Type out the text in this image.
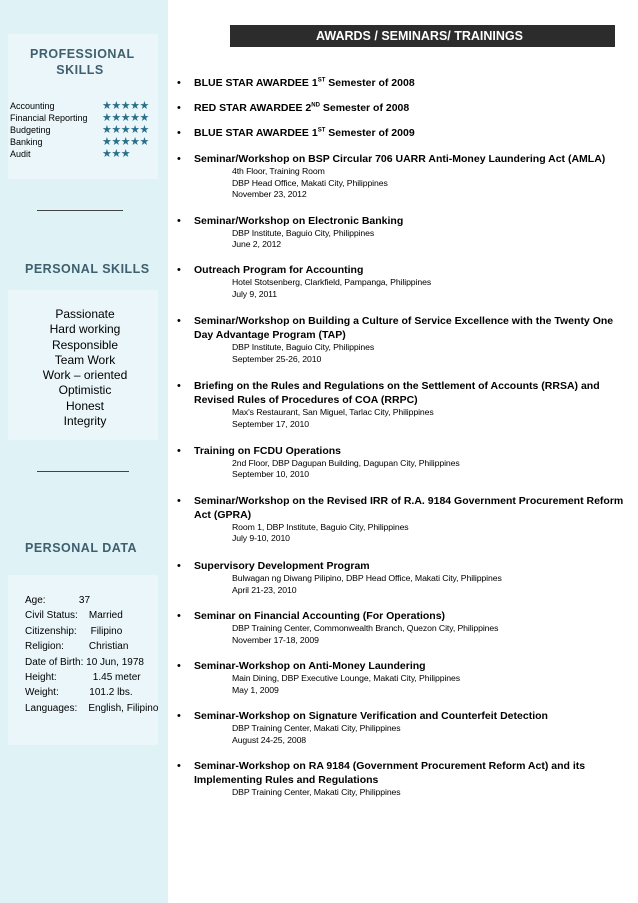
PROFESSIONAL
SKILLS
Accounting	★★★★★
Financial Reporting ★★★★★
Budgeting	★★★★★
Banking	★★★★★
Audit	★★★
PERSONAL SKILLS
Passionate
Hard working
Responsible
Team Work
Work – oriented
Optimistic
Honest
Integrity
PERSONAL DATA
Age:            37
Civil Status:    Married
Citizenship:     Filipino
Religion:         Christian
Date of Birth: 10 Jun, 1978
Height:             1.45 meter
Weight:           101.2 lbs.
Languages:    English, Filipino
AWARDS / SEMINARS/ TRAININGS
• BLUE STAR AWARDEE 1ST Semester of 2008
• RED STAR AWARDEE 2ND Semester of 2008
• BLUE STAR AWARDEE 1ST Semester of 2009
• Seminar/Workshop on BSP Circular 706 UARR Anti-Money Laundering Act (AMLA)
4th Floor, Training Room
DBP Head Office, Makati City, Philippines
November 23, 2012
• Seminar/Workshop on Electronic Banking
DBP Institute, Baguio City, Philippines
June 2, 2012
• Outreach Program for Accounting
Hotel Stotsenberg, Clarkfield, Pampanga, Philippines
July 9, 2011
• Seminar/Workshop on Building a Culture of Service Excellence with the Twenty One Day Advantage Program (TAP)
DBP Institute, Baguio City, Philippines
September 25-26, 2010
• Briefing on the Rules and Regulations on the Settlement of Accounts (RRSA) and Revised Rules of Procedures of COA (RRPC)
Max's Restaurant, San Miguel, Tarlac City, Philippines
September 17, 2010
• Training on FCDU Operations
2nd Floor, DBP Dagupan Building, Dagupan City, Philippines
September 10, 2010
• Seminar/Workshop on the Revised IRR of R.A. 9184 Government Procurement Reform Act (GPRA)
Room 1, DBP Institute, Baguio City, Philippines
July 9-10, 2010
• Supervisory Development Program
Bulwagan ng Diwang Pilipino, DBP Head Office, Makati City, Philippines
April 21-23, 2010
• Seminar on Financial Accounting (For Operations)
DBP Training Center, Commonwealth Branch, Quezon City, Philippines
November 17-18, 2009
• Seminar-Workshop on Anti-Money Laundering
Main Dining, DBP Executive Lounge, Makati City, Philippines
May 1, 2009
• Seminar-Workshop on Signature Verification and Counterfeit Detection
DBP Training Center, Makati City, Philippines
August 24-25, 2008
• Seminar-Workshop on RA 9184 (Government Procurement Reform Act) and its Implementing Rules and Regulations
DBP Training Center, Makati City, Philippines
